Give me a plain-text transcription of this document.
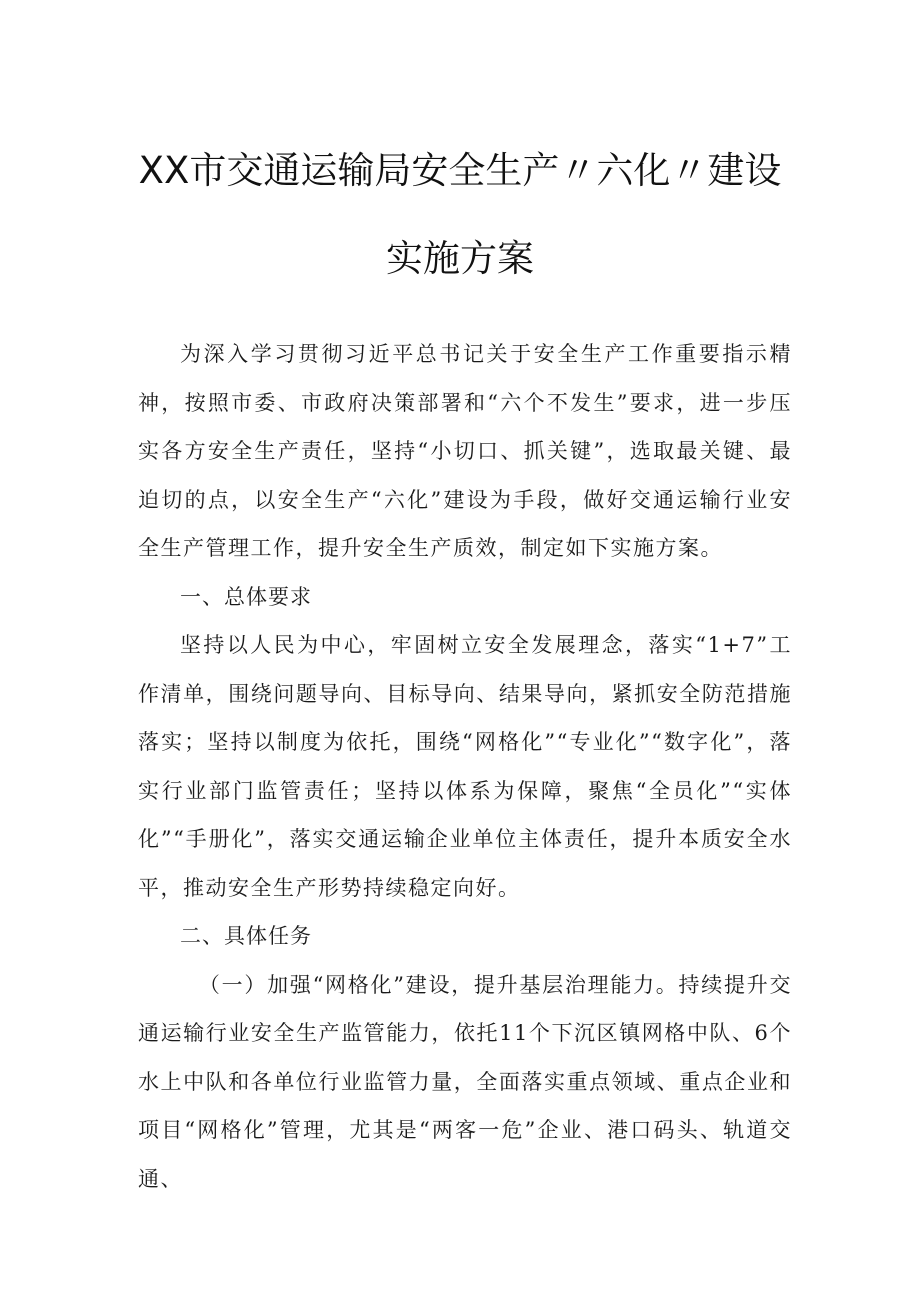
XX市交通运输局安全生产〃六化〃建设
实施方案

为深入学习贯彻习近平总书记关于安全生产工作重要指示精神，按照市委、市政府决策部署和“六个不发生”要求，进一步压实各方安全生产责任，坚持“小切口、抓关键”，选取最关键、最迫切的点，以安全生产“六化”建设为手段，做好交通运输行业安全生产管理工作，提升安全生产质效，制定如下实施方案。

一、总体要求

坚持以人民为中心，牢固树立安全发展理念，落实“1+7”工作清单，围绕问题导向、目标导向、结果导向，紧抓安全防范措施落实；坚持以制度为依托，围绕“网格化”“专业化”“数字化”，落实行业部门监管责任；坚持以体系为保障，聚焦“全员化”“实体化”“手册化”，落实交通运输企业单位主体责任，提升本质安全水平，推动安全生产形势持续稳定向好。

二、具体任务

（一）加强“网格化”建设，提升基层治理能力。持续提升交通运输行业安全生产监管能力，依托11个下沉区镇网格中队、6个水上中队和各单位行业监管力量，全面落实重点领域、重点企业和项目“网格化”管理，尤其是“两客一危”企业、港口码头、轨道交通、
